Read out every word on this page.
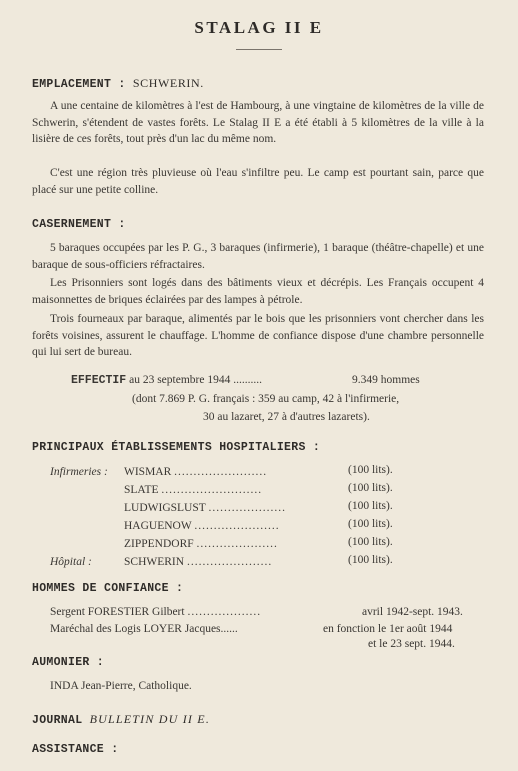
STALAG II E
EMPLACEMENT : SCHWERIN.

A une centaine de kilomètres à l'est de Hambourg, à une vingtaine de kilomètres de la ville de Schwerin, s'étendent de vastes forêts. Le Stalag II E a été établi à 5 kilomètres de la ville à la lisière de ces forêts, tout près d'un lac du même nom.

C'est une région très pluvieuse où l'eau s'infiltre peu. Le camp est pourtant sain, parce que placé sur une petite colline.

CASERNEMENT :

5 baraques occupées par les P. G., 3 baraques (infirmerie), 1 baraque (théâtre-chapelle) et une baraque de sous-officiers réfractaires.

Les Prisonniers sont logés dans des bâtiments vieux et décrépis. Les Français occupent 4 maisonnettes de briques éclairées par des lampes à pétrole.

Trois fourneaux par baraque, alimentés par le bois que les prisonniers vont chercher dans les forêts voisines, assurent le chauffage. L'homme de confiance dispose d'une chambre personnelle qui lui sert de bureau.

EFFECTIF au 23 septembre 1944 ..........	9.349 hommes
(dont 7.869 P. G. français : 359 au camp, 42 à l'infirmerie,
30 au lazaret, 27 à d'autres lazarets).
PRINCIPAUX ÉTABLISSEMENTS HOSPITALIERS :
Infirmeries : WISMAR ........................	(100 lits).
SLATE ..........................	(100 lits).
LUDWIGSLUST ....................	(100 lits).
HAGUENOW ......................	(100 lits).
ZIPPENDORF .....................	(100 lits).
Hôpital :	SCHWERIN ......................	(100 lits).
HOMMES DE CONFIANCE :
Sergent FORESTIER Gilbert ...................	avril 1942-sept. 1943.
Maréchal des Logis LOYER Jacques......	en fonction le 1er août 1944
et le 23 sept. 1944.
AUMONIER :
INDA Jean-Pierre, Catholique.
JOURNAL BULLETIN DU II E.
ASSISTANCE :
